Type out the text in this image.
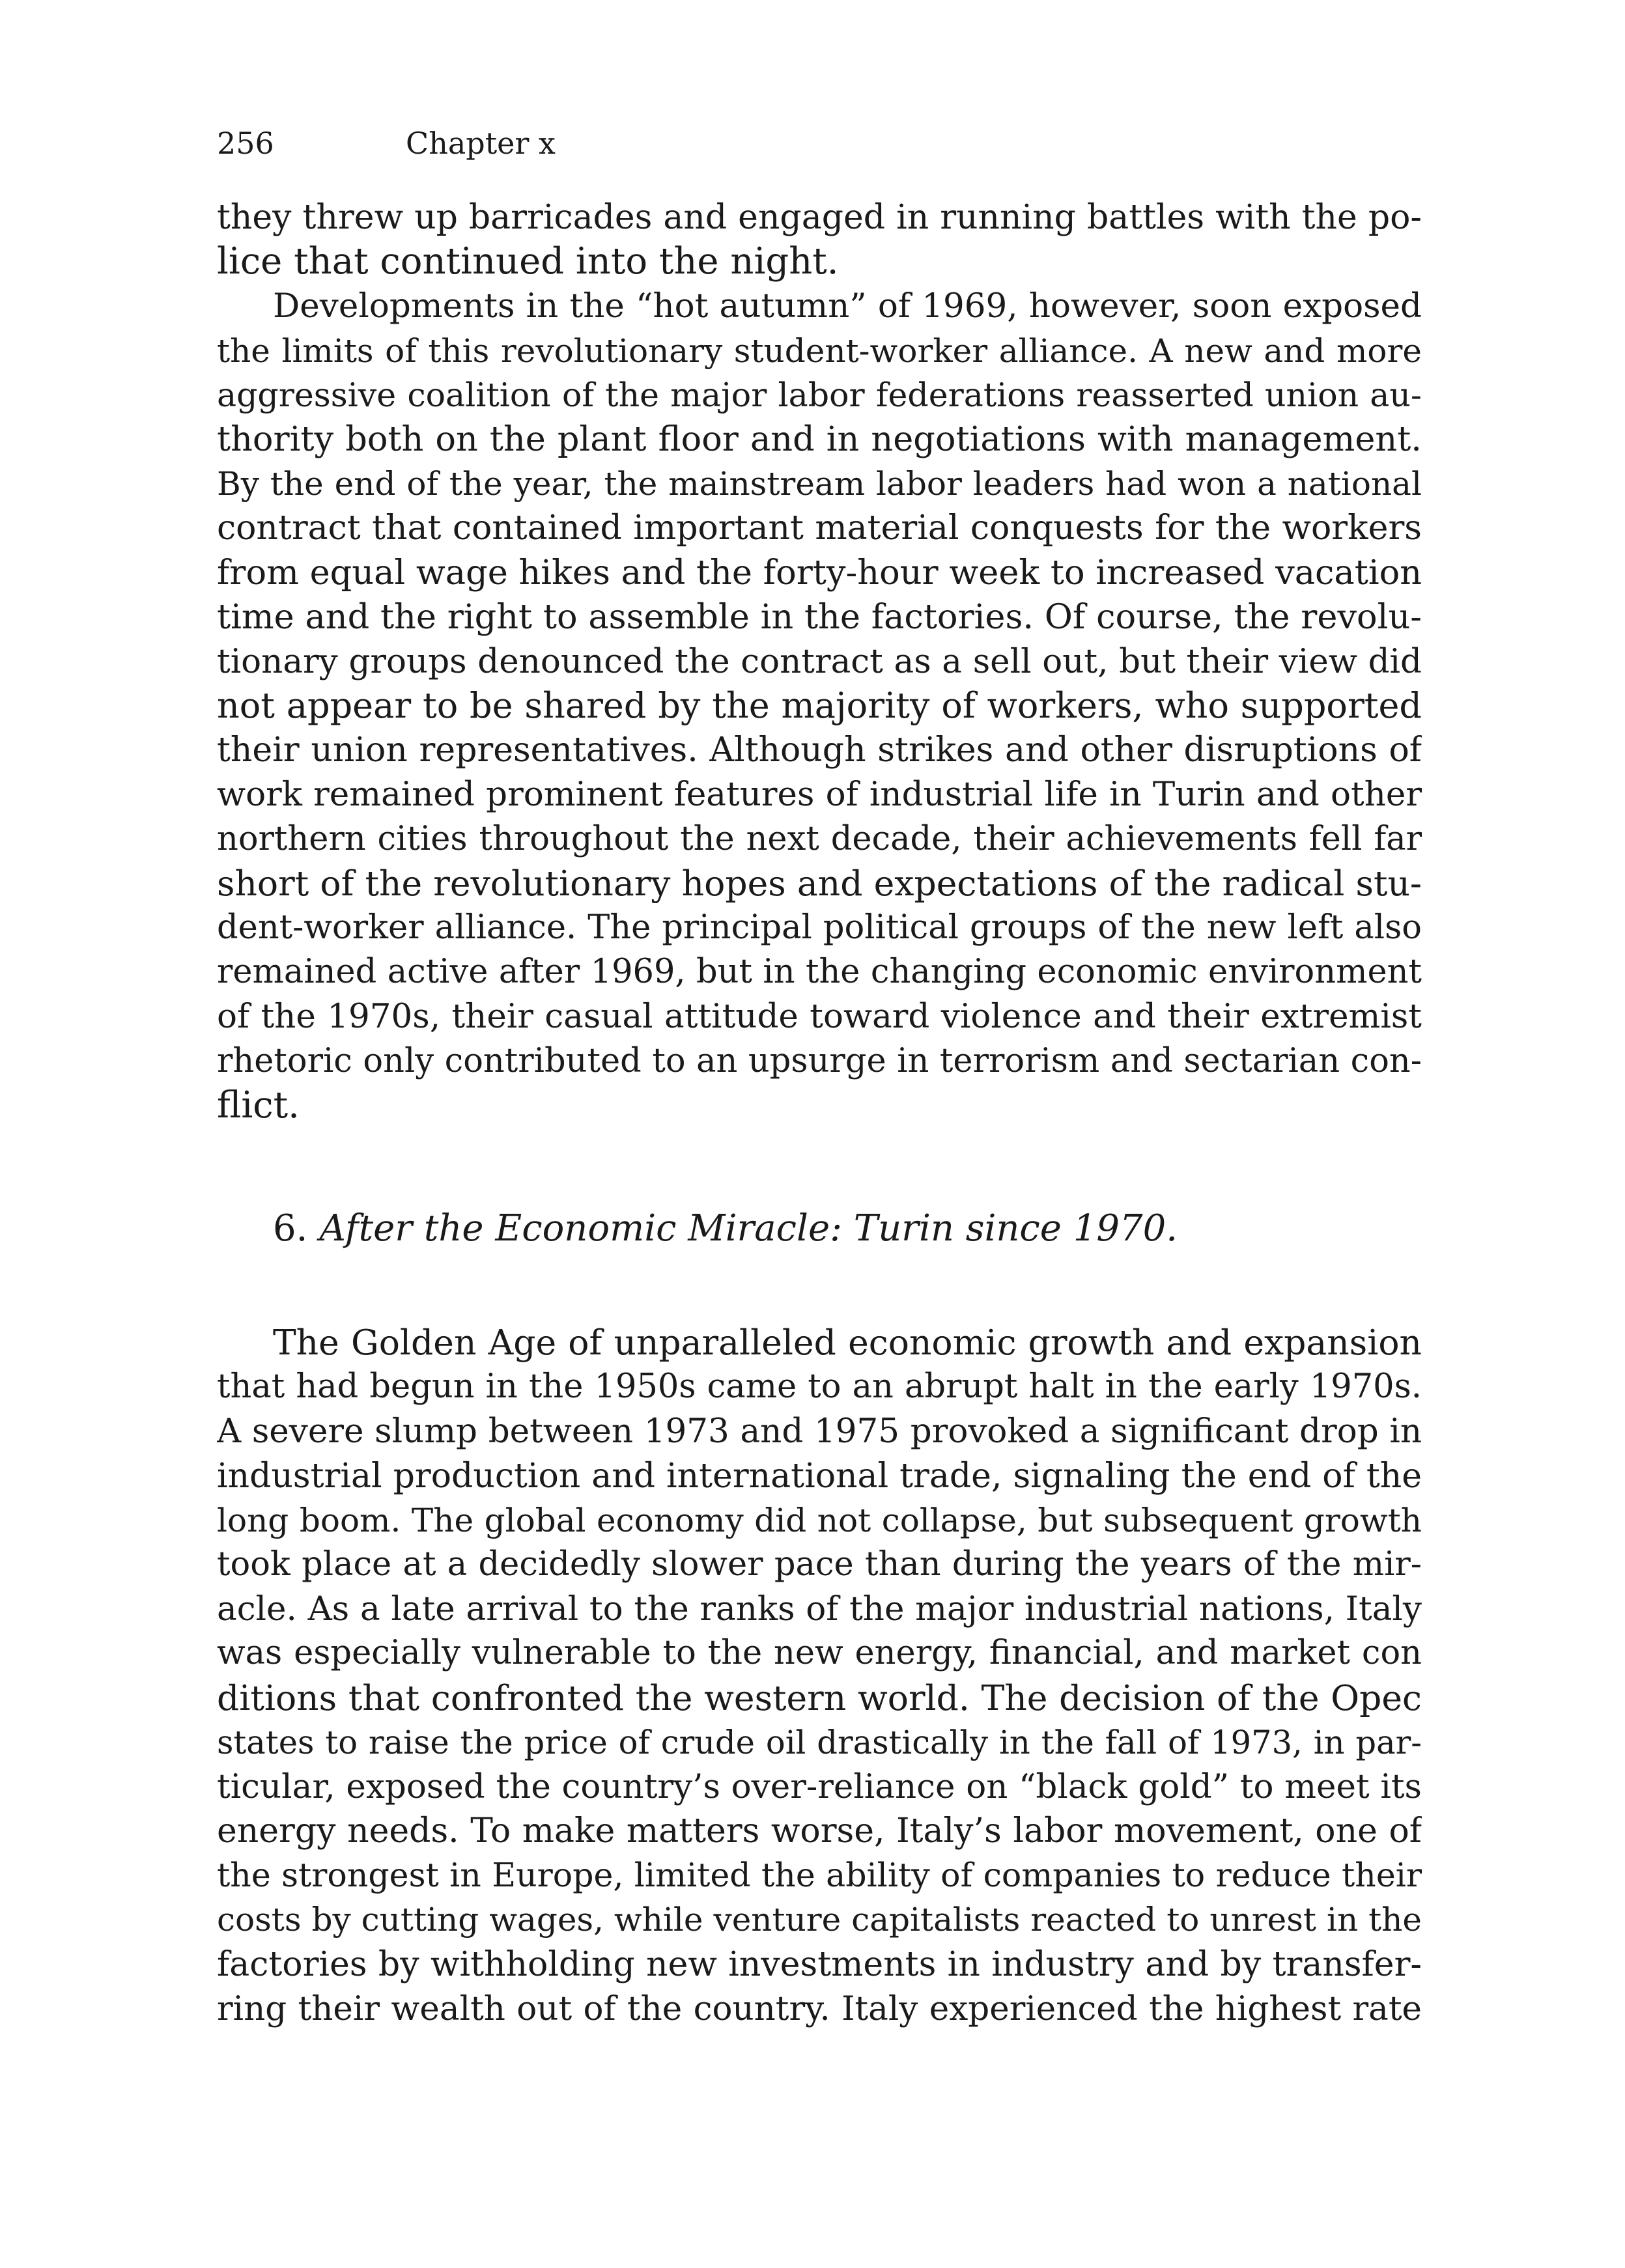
256	Chapter x
they threw up barricades and engaged in running battles with the po-
lice that continued into the night.
Developments in the “hot autumn” of 1969, however, soon exposed
the limits of this revolutionary student-worker alliance. A new and more
aggressive coalition of the major labor federations reasserted union au-
thority both on the plant floor and in negotiations with management.
By the end of the year, the mainstream labor leaders had won a national
contract that contained important material conquests for the workers
from equal wage hikes and the forty-hour week to increased vacation
time and the right to assemble in the factories. Of course, the revolu-
tionary groups denounced the contract as a sell out, but their view did
not appear to be shared by the majority of workers, who supported
their union representatives. Although strikes and other disruptions of
work remained prominent features of industrial life in Turin and other
northern cities throughout the next decade, their achievements fell far
short of the revolutionary hopes and expectations of the radical stu-
dent-worker alliance. The principal political groups of the new left also
remained active after 1969, but in the changing economic environment
of the 1970s, their casual attitude toward violence and their extremist
rhetoric only contributed to an upsurge in terrorism and sectarian con-
flict.
6. After the Economic Miracle: Turin since 1970.
The Golden Age of unparalleled economic growth and expansion
that had begun in the 1950s came to an abrupt halt in the early 1970s.
A severe slump between 1973 and 1975 provoked a significant drop in
industrial production and international trade, signaling the end of the
long boom. The global economy did not collapse, but subsequent growth
took place at a decidedly slower pace than during the years of the mir-
acle. As a late arrival to the ranks of the major industrial nations, Italy
was especially vulnerable to the new energy, financial, and market con
ditions that confronted the western world. The decision of the Opec
states to raise the price of crude oil drastically in the fall of 1973, in par-
ticular, exposed the country’s over-reliance on “black gold” to meet its
energy needs. To make matters worse, Italy’s labor movement, one of
the strongest in Europe, limited the ability of companies to reduce their
costs by cutting wages, while venture capitalists reacted to unrest in the
factories by withholding new investments in industry and by transfer-
ring their wealth out of the country. Italy experienced the highest rate
